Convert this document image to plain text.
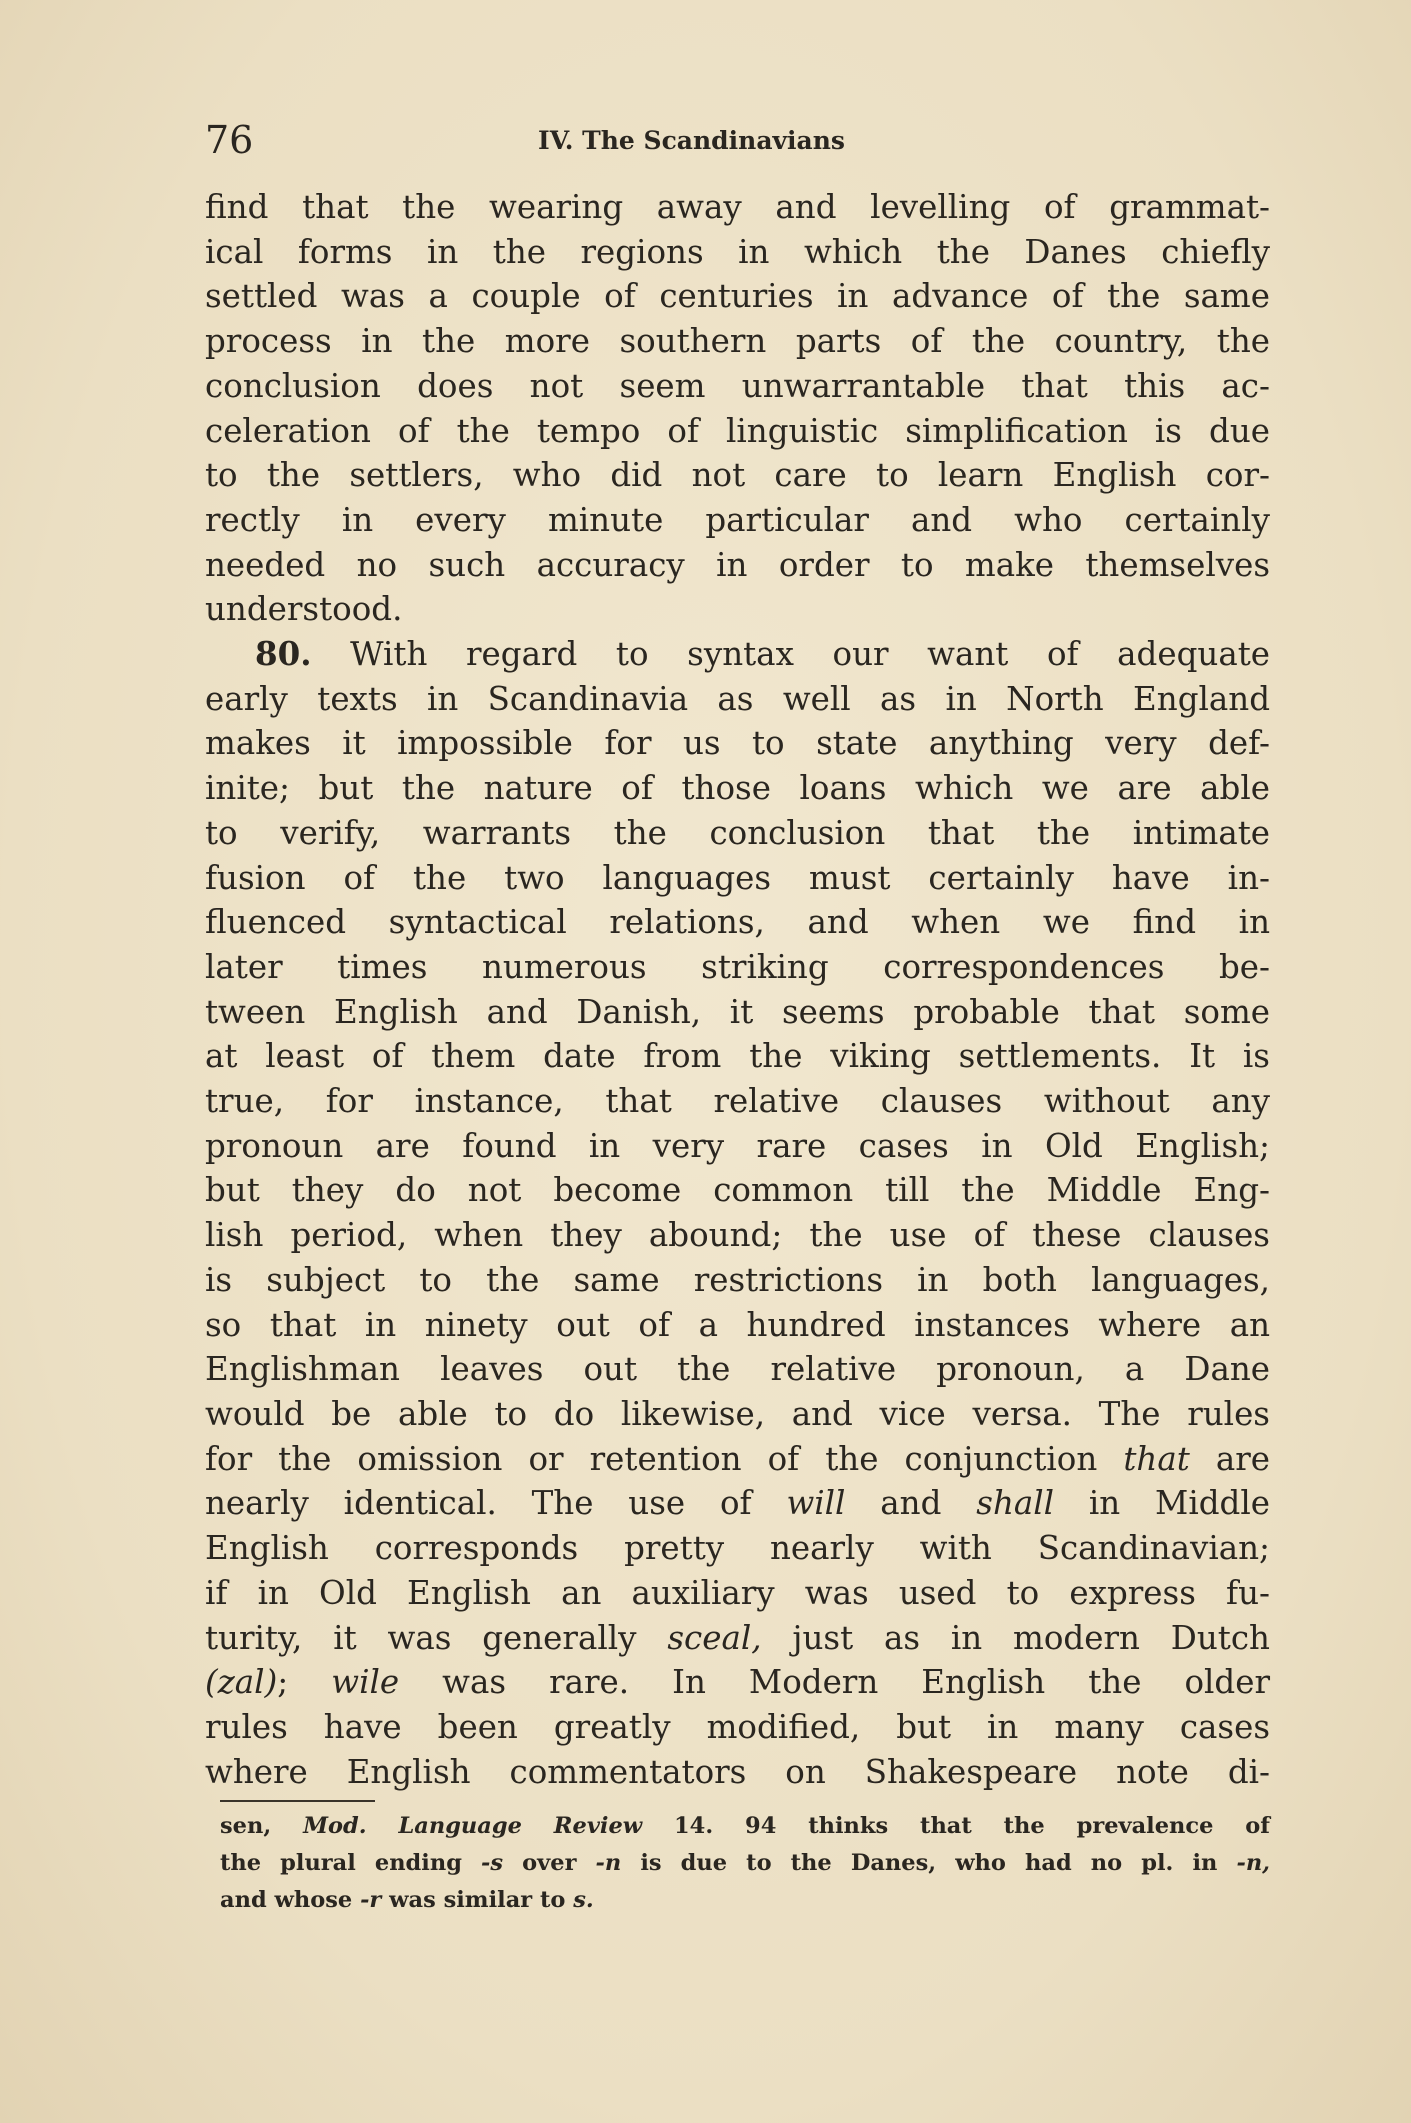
76	IV. The Scandinavians
find that the wearing away and levelling of grammat-
ical forms in the regions in which the Danes chiefly
settled was a couple of centuries in advance of the same
process in the more southern parts of the country, the
conclusion does not seem unwarrantable that this ac-
celeration of the tempo of linguistic simplification is due
to the settlers, who did not care to learn English cor-
rectly in every minute particular and who certainly
needed no such accuracy in order to make themselves
understood.
80. With regard to syntax our want of adequate
early texts in Scandinavia as well as in North England
makes it impossible for us to state anything very def-
inite; but the nature of those loans which we are able
to verify, warrants the conclusion that the intimate
fusion of the two languages must certainly have in-
fluenced syntactical relations, and when we find in
later times numerous striking correspondences be-
tween English and Danish, it seems probable that some
at least of them date from the viking settlements. It is
true, for instance, that relative clauses without any
pronoun are found in very rare cases in Old English;
but they do not become common till the Middle Eng-
lish period, when they abound; the use of these clauses
is subject to the same restrictions in both languages,
so that in ninety out of a hundred instances where an
Englishman leaves out the relative pronoun, a Dane
would be able to do likewise, and vice versa. The rules
for the omission or retention of the conjunction that are
nearly identical. The use of will and shall in Middle
English corresponds pretty nearly with Scandinavian;
if in Old English an auxiliary was used to express fu-
turity, it was generally sceal, just as in modern Dutch
(zal); wile was rare. In Modern English the older
rules have been greatly modified, but in many cases
where English commentators on Shakespeare note di-
sen, Mod. Language Review 14. 94 thinks that the prevalence of
the plural ending -s over -n is due to the Danes, who had no pl. in -n,
and whose -r was similar to s.
